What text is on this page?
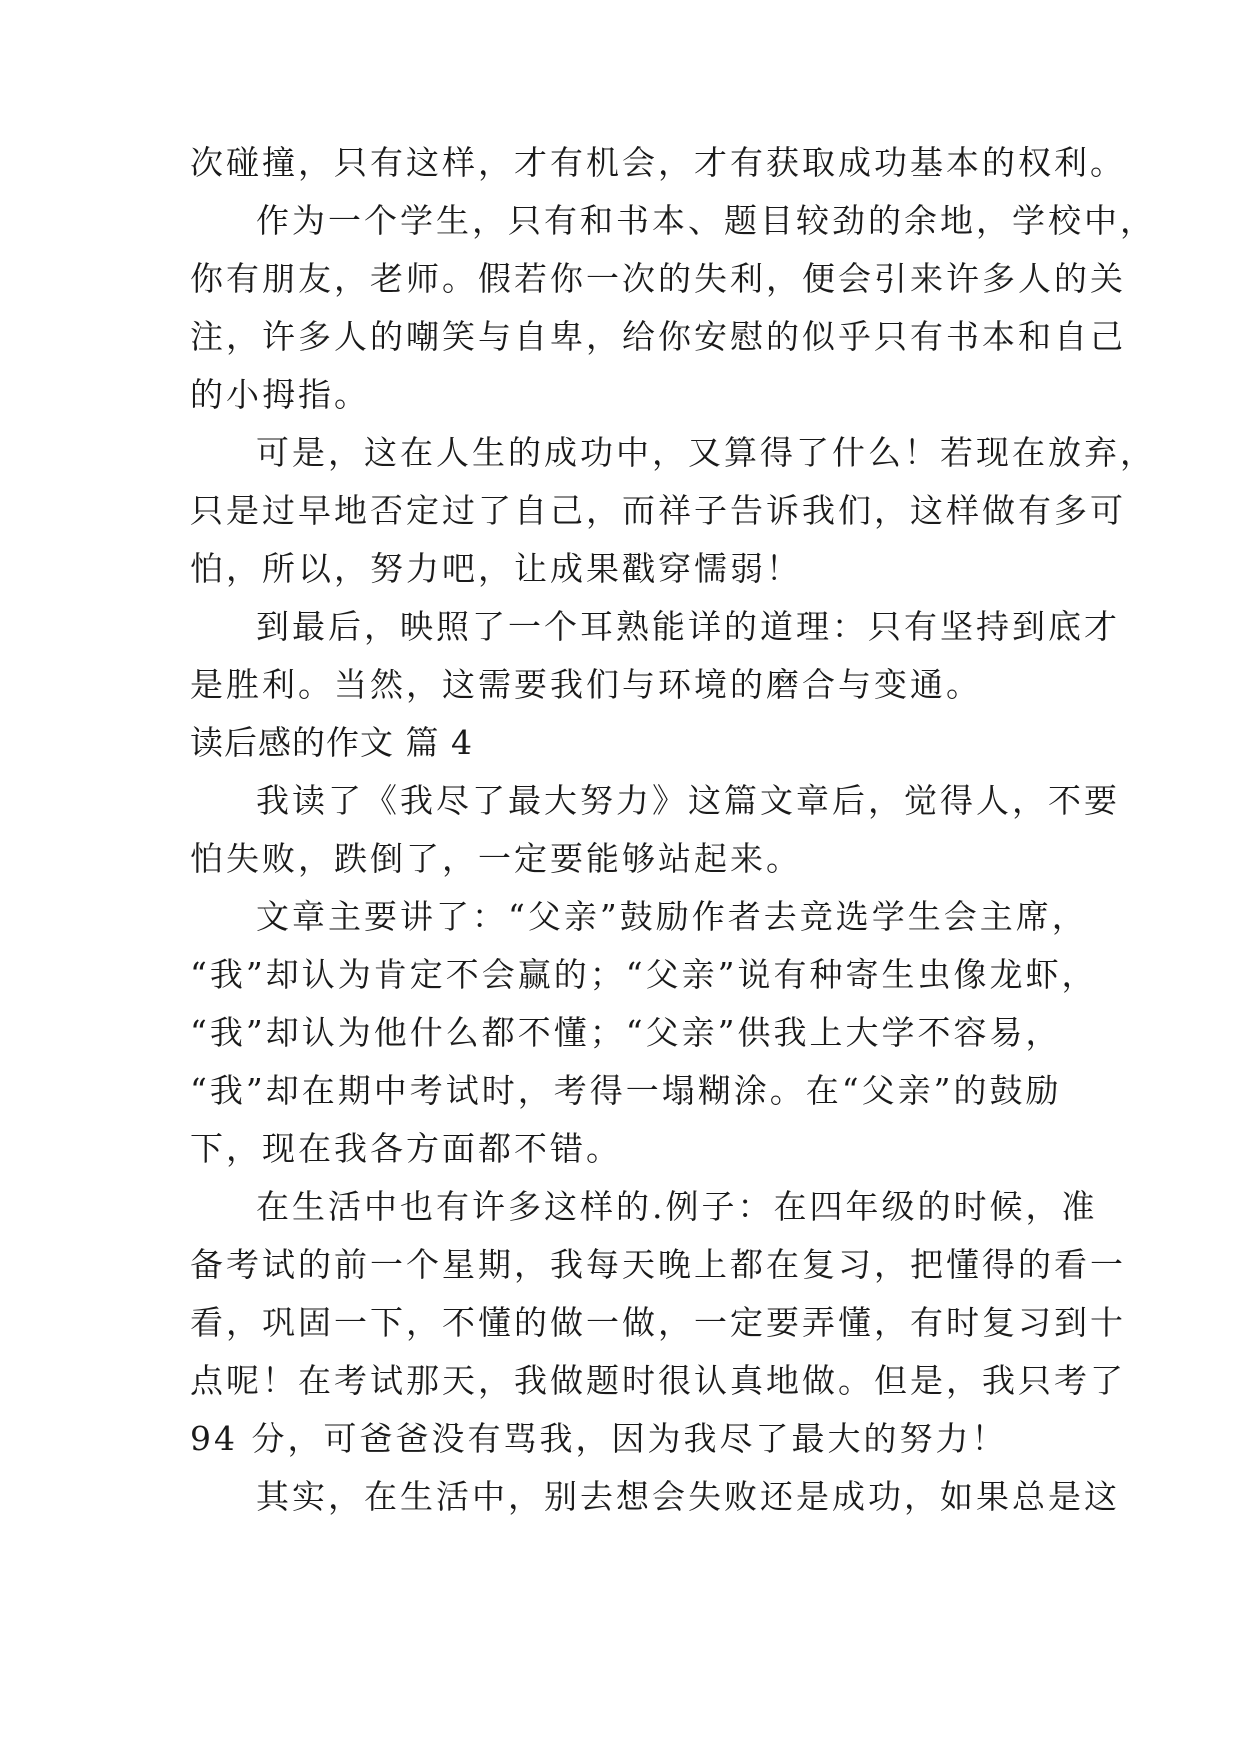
次碰撞，只有这样，才有机会，才有获取成功基本的权利。
作为一个学生，只有和书本、题目较劲的余地，学校中，
你有朋友，老师。假若你一次的失利，便会引来许多人的关
注，许多人的嘲笑与自卑，给你安慰的似乎只有书本和自己
的小拇指。
可是，这在人生的成功中，又算得了什么！若现在放弃，
只是过早地否定过了自己，而祥子告诉我们，这样做有多可
怕，所以，努力吧，让成果戳穿懦弱！
到最后，映照了一个耳熟能详的道理：只有坚持到底才
是胜利。当然，这需要我们与环境的磨合与变通。
读后感的作文 篇 4
我读了《我尽了最大努力》这篇文章后，觉得人，不要
怕失败，跌倒了，一定要能够站起来。
文章主要讲了：“父亲”鼓励作者去竞选学生会主席，
“我”却认为肯定不会赢的；“父亲”说有种寄生虫像龙虾，
“我”却认为他什么都不懂；“父亲”供我上大学不容易，
“我”却在期中考试时，考得一塌糊涂。在“父亲”的鼓励
下，现在我各方面都不错。
在生活中也有许多这样的.例子：在四年级的时候，准
备考试的前一个星期，我每天晚上都在复习，把懂得的看一
看，巩固一下，不懂的做一做，一定要弄懂，有时复习到十
点呢！在考试那天，我做题时很认真地做。但是，我只考了
94 分，可爸爸没有骂我，因为我尽了最大的努力！
其实，在生活中，别去想会失败还是成功，如果总是这
